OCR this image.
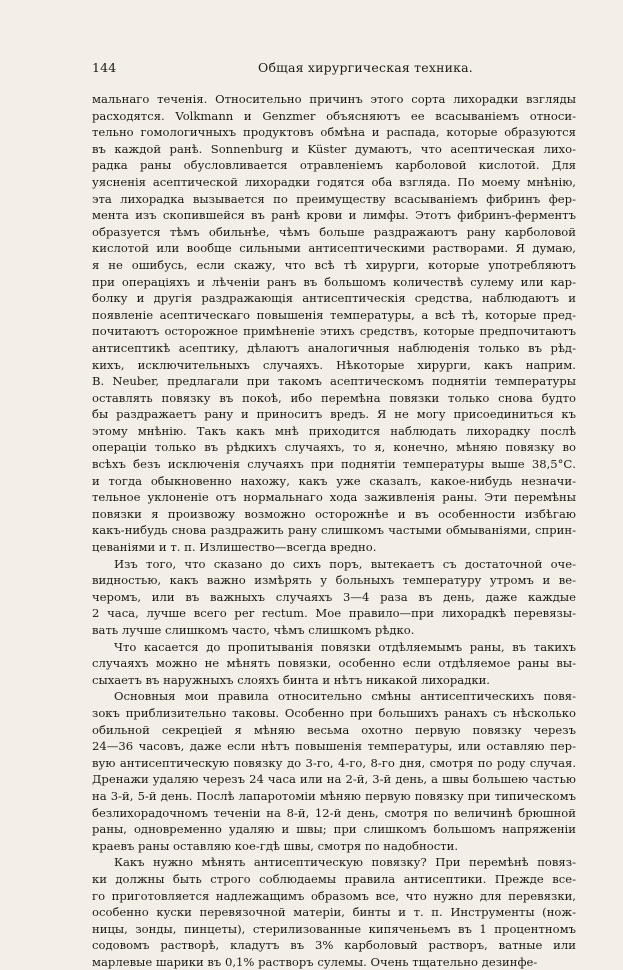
144	Общая хирургическая техника.
мальнаго теченія. Относительно причинъ этого сорта лихорадки взгляды
расходятся. Volkmann и Genzmer объясняютъ ее всасываніемъ относи-
тельно гомологичныхъ продуктовъ обмѣна и распада, которые образуются
въ каждой ранѣ. Sonnenburg и Küster думаютъ, что асептическая лихо-
радка раны обусловливается отравленіемъ карболовой кислотой. Для
уясненія асептической лихорадки годятся оба взгляда. По моему мнѣнію,
эта лихорадка вызывается по преимуществу всасываніемъ фибринъ фер-
мента изъ скопившейся въ ранѣ крови и лимфы. Этотъ фибринъ-ферментъ
образуется тѣмъ обильнѣе, чѣмъ больше раздражаютъ рану карболовой
кислотой или вообще сильными антисептическими растворами. Я думаю,
я не ошибусь, если скажу, что всѣ тѣ хирурги, которые употребляютъ
при операціяхъ и лѣченіи ранъ въ большомъ количествѣ сулему или кар-
болку и другія раздражающія антисептическія средства, наблюдаютъ и
появленіе асептическаго повышенія температуры, а всѣ тѣ, которые пред-
почитаютъ осторожное примѣненіе этихъ средствъ, которые предпочитаютъ
антисептикѣ асептику, дѣлаютъ аналогичныя наблюденія только въ рѣд-
кихъ, исключительныхъ случаяхъ. Нѣкоторые хирурги, какъ наприм.
B. Neuber, предлагали при такомъ асептическомъ поднятіи температуры
оставлять повязку въ покоѣ, ибо перемѣна повязки только снова будто
бы раздражаетъ рану и приноситъ вредъ. Я не могу присоединиться къ
этому мнѣнію. Такъ какъ мнѣ приходится наблюдать лихорадку послѣ
операціи только въ рѣдкихъ случаяхъ, то я, конечно, мѣняю повязку во
всѣхъ безъ исключенія случаяхъ при поднятіи температуры выше 38,5°С.
и тогда обыкновенно нахожу, какъ уже сказалъ, какое-нибудь незначи-
тельное уклоненіе отъ нормальнаго хода заживленія раны. Эти перемѣны
повязки я произвожу возможно осторожнѣе и въ особенности избѣгаю
какъ-нибудь снова раздражить рану слишкомъ частыми обмываніями, сприн-
цеваніями и т. п. Излишество—всегда вредно.
Изъ того, что сказано до сихъ поръ, вытекаетъ съ достаточной оче-
видностью, какъ важно измѣрять у больныхъ температуру утромъ и ве-
черомъ, или въ важныхъ случаяхъ 3—4 раза въ день, даже каждые
2 часа, лучше всего per rectum. Мое правило—при лихорадкѣ перевязы-
вать лучше слишкомъ часто, чѣмъ слишкомъ рѣдко.
Что касается до пропитыванія повязки отдѣляемымъ раны, въ такихъ
случаяхъ можно не мѣнять повязки, особенно если отдѣляемое раны вы-
сыхаетъ въ наружныхъ слояхъ бинта и нѣтъ никакой лихорадки.
Основныя мои правила относительно смѣны антисептическихъ повя-
зокъ приблизительно таковы. Особенно при большихъ ранахъ съ нѣсколько
обильной секреціей я мѣняю весьма охотно первую повязку черезъ
24—36 часовъ, даже если нѣтъ повышенія температуры, или оставляю пер-
вую антисептическую повязку до 3-го, 4-го, 8-го дня, смотря по роду случая.
Дренажи удаляю черезъ 24 часа или на 2-й, 3-й день, а швы большею частью
на 3-й, 5-й день. Послѣ лапаротоміи мѣняю первую повязку при типическомъ
безлихорадочномъ теченіи на 8-й, 12-й день, смотря по величинѣ брюшной
раны, одновременно удаляю и швы; при слишкомъ большомъ напряженіи
краевъ раны оставляю кое-гдѣ швы, смотря по надобности.
Какъ нужно мѣнять антисептическую повязку? При перемѣнѣ повяз-
ки должны быть строго соблюдаемы правила антисептики. Прежде все-
го приготовляется надлежащимъ образомъ все, что нужно для перевязки,
особенно куски перевязочной матеріи, бинты и т. п. Инструменты (нож-
ницы, зонды, пинцеты), стерилизованные кипяченьемъ въ 1 процентномъ
содовомъ растворѣ, кладутъ въ 3% карболовый растворъ, ватные или
марлевые шарики въ 0,1% растворъ сулемы. Очень тщательно дезинфе-
